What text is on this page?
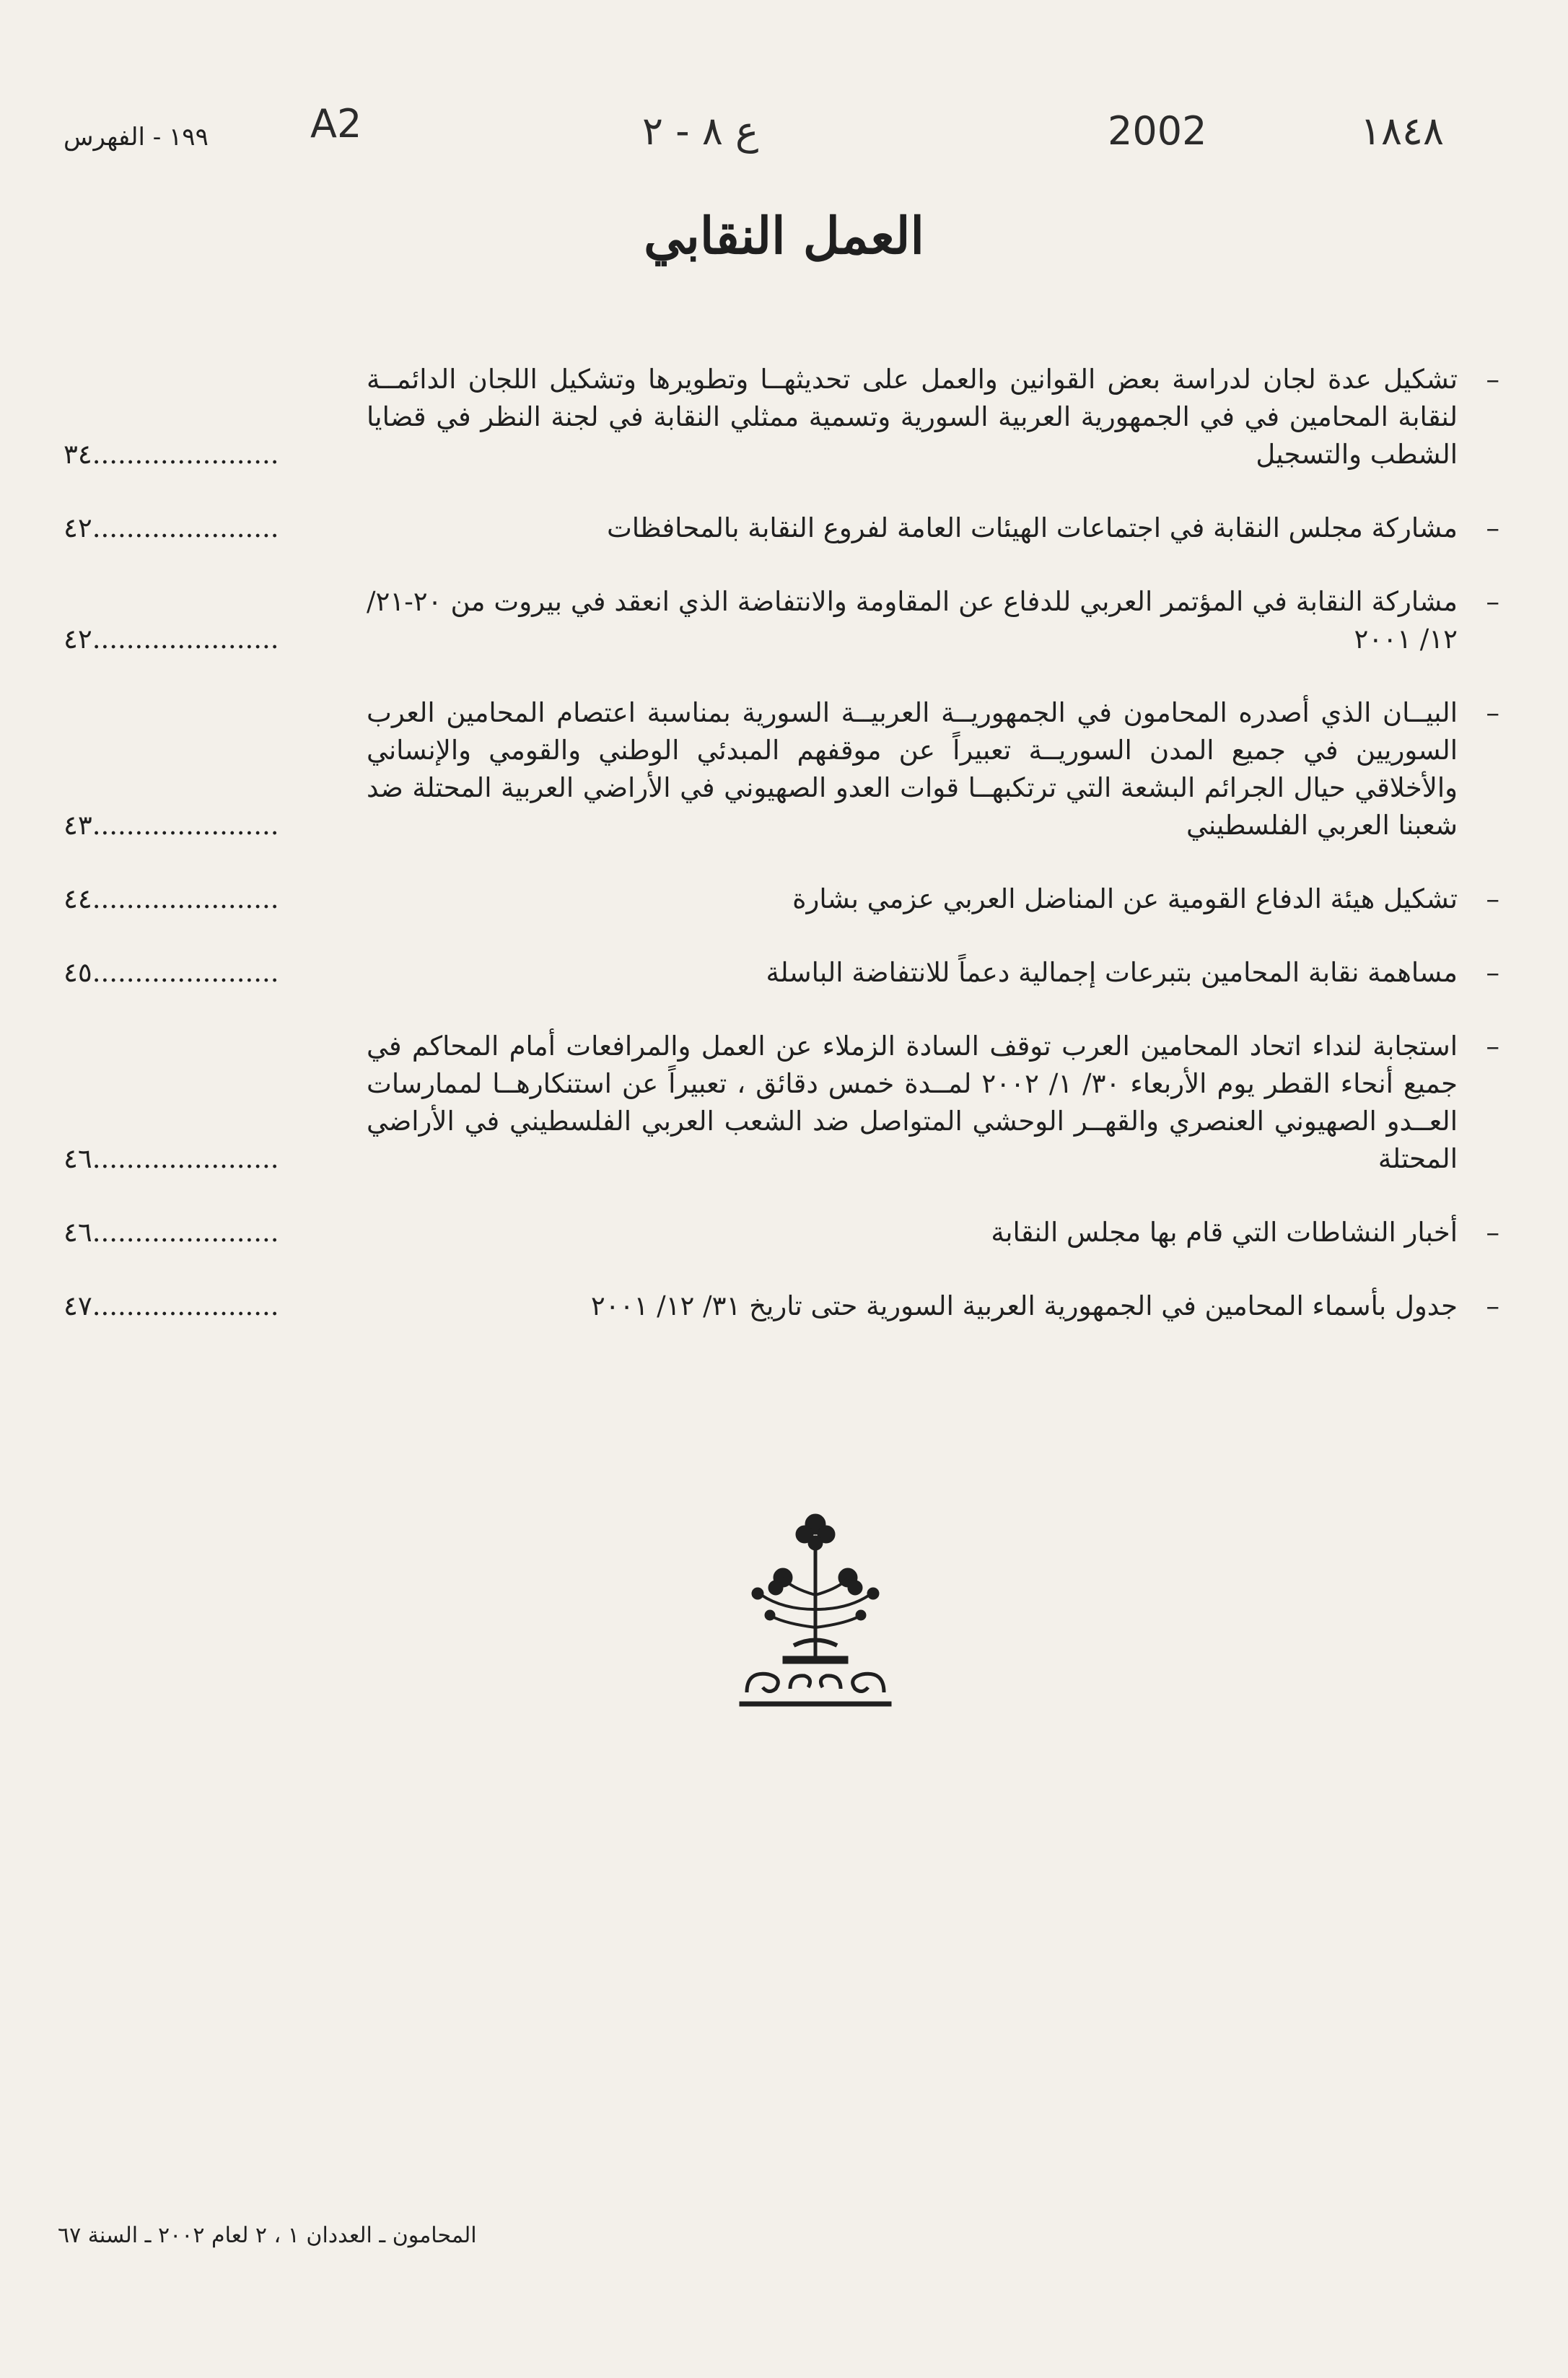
١٩٩ - الفهرس	A2	ع ٨ - ٢	2002	١٨٤٨
العمل النقابي
–
تشكيل عدة لجان لدراسة بعض القوانين والعمل على تحديثهــا وتطويرها وتشكيل اللجان الدائمــة لنقابة المحامين في في الجمهورية العربية السورية وتسمية ممثلي النقابة في لجنة النظر في قضايا الشطب والتسجيل
٣٤......................
–
مشاركة مجلس النقابة في اجتماعات الهيئات العامة لفروع النقابة بالمحافظات
٤٢......................
–
مشاركة النقابة في المؤتمر العربي للدفاع عن المقاومة والانتفاضة الذي انعقد في بيروت من ٢٠-٢١/ ١٢/ ٢٠٠١
٤٢......................
–
البيــان الذي أصدره المحامون في الجمهوريــة العربيــة السورية بمناسبة اعتصام المحامين العرب السوريين في جميع المدن السوريــة تعبيراً عن موقفهم المبدئي الوطني والقومي والإنساني والأخلاقي حيال الجرائم البشعة التي ترتكبهــا قوات العدو الصهيوني في الأراضي العربية المحتلة ضد شعبنا العربي الفلسطيني
٤٣......................
–
تشكيل هيئة الدفاع القومية عن المناضل العربي عزمي بشارة
٤٤......................
–
مساهمة نقابة المحامين بتبرعات إجمالية دعماً للانتفاضة الباسلة
٤٥......................
–
استجابة لنداء اتحاد المحامين العرب توقف السادة الزملاء عن العمل والمرافعات أمام المحاكم في جميع أنحاء القطر يوم الأربعاء ٣٠/ ١/ ٢٠٠٢ لمــدة خمس دقائق ، تعبيراً عن استنكارهــا لممارسات العــدو الصهيوني العنصري والقهــر الوحشي المتواصل ضد الشعب العربي الفلسطيني في الأراضي المحتلة
٤٦......................
–
أخبار النشاطات التي قام بها مجلس النقابة
٤٦......................
–
جدول بأسماء المحامين في الجمهورية العربية السورية حتى تاريخ ٣١/ ١٢/ ٢٠٠١
٤٧......................
المحامون ـ العددان ١ ، ٢ لعام ٢٠٠٢ ـ السنة ٦٧
